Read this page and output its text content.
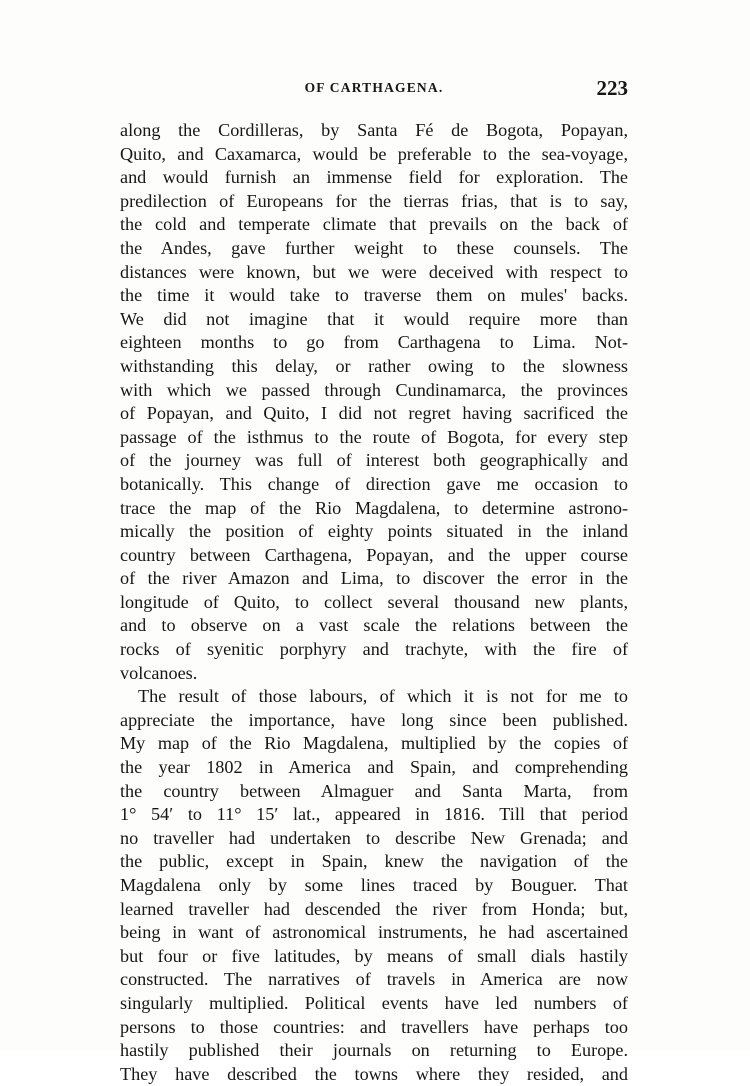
OF CARTHAGENA.	223
along the Cordilleras, by Santa Fé de Bogota, Popayan,
Quito, and Caxamarca, would be preferable to the sea-voyage,
and would furnish an immense field for exploration. The
predilection of Europeans for the tierras frias, that is to say,
the cold and temperate climate that prevails on the back of
the Andes, gave further weight to these counsels. The
distances were known, but we were deceived with respect to
the time it would take to traverse them on mules' backs.
We did not imagine that it would require more than
eighteen months to go from Carthagena to Lima. Not-
withstanding this delay, or rather owing to the slowness
with which we passed through Cundinamarca, the provinces
of Popayan, and Quito, I did not regret having sacrificed the
passage of the isthmus to the route of Bogota, for every step
of the journey was full of interest both geographically and
botanically. This change of direction gave me occasion to
trace the map of the Rio Magdalena, to determine astrono-
mically the position of eighty points situated in the inland
country between Carthagena, Popayan, and the upper course
of the river Amazon and Lima, to discover the error in the
longitude of Quito, to collect several thousand new plants,
and to observe on a vast scale the relations between the
rocks of syenitic porphyry and trachyte, with the fire of
volcanoes.
The result of those labours, of which it is not for me to
appreciate the importance, have long since been published.
My map of the Rio Magdalena, multiplied by the copies of
the year 1802 in America and Spain, and comprehending
the country between Almaguer and Santa Marta, from
1° 54′ to 11° 15′ lat., appeared in 1816. Till that period
no traveller had undertaken to describe New Grenada; and
the public, except in Spain, knew the navigation of the
Magdalena only by some lines traced by Bouguer. That
learned traveller had descended the river from Honda; but,
being in want of astronomical instruments, he had ascertained
but four or five latitudes, by means of small dials hastily
constructed. The narratives of travels in America are now
singularly multiplied. Political events have led numbers of
persons to those countries: and travellers have perhaps too
hastily published their journals on returning to Europe.
They have described the towns where they resided, and
